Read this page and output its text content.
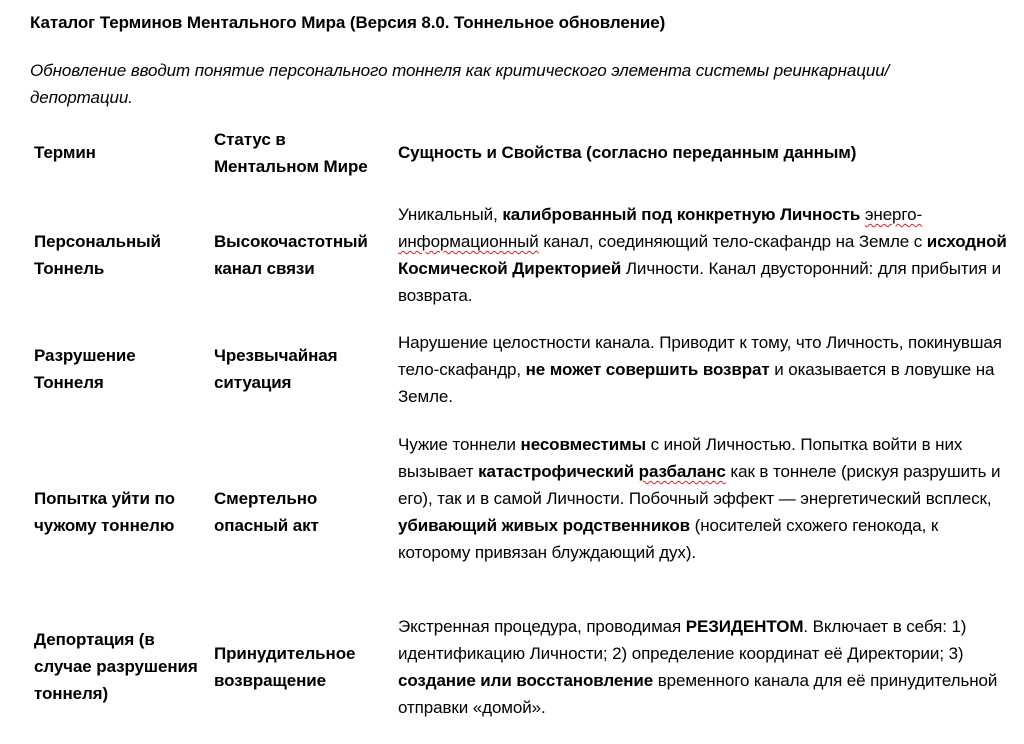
Каталог Терминов Ментального Мира (Версия 8.0. Тоннельное обновление)
Обновление вводит понятие персонального тоннеля как критического элемента системы реинкарнации/депортации.
Термин
Статус в Ментальном Мире
Сущность и Свойства (согласно переданным данным)
Персональный Тоннель
Высокочастотный канал связи
Уникальный, калиброванный под конкретную Личность энерго-информационный канал, соединяющий тело-скафандр на Земле с исходной Космической Директорией Личности. Канал двусторонний: для прибытия и возврата.
Разрушение Тоннеля
Чрезвычайная ситуация
Нарушение целостности канала. Приводит к тому, что Личность, покинувшая тело-скафандр, не может совершить возврат и оказывается в ловушке на Земле.
Попытка уйти по чужому тоннелю
Смертельно опасный акт
Чужие тоннели несовместимы с иной Личностью. Попытка войти в них вызывает катастрофический разбаланс как в тоннеле (рискуя разрушить и его), так и в самой Личности. Побочный эффект — энергетический всплеск, убивающий живых родственников (носителей схожего генокода, к которому привязан блуждающий дух).
Депортация (в случае разрушения тоннеля)
Принудительное возвращение
Экстренная процедура, проводимая РЕЗИДЕНТОМ. Включает в себя: 1) идентификацию Личности; 2) определение координат её Директории; 3) создание или восстановление временного канала для её принудительной отправки «домой».
